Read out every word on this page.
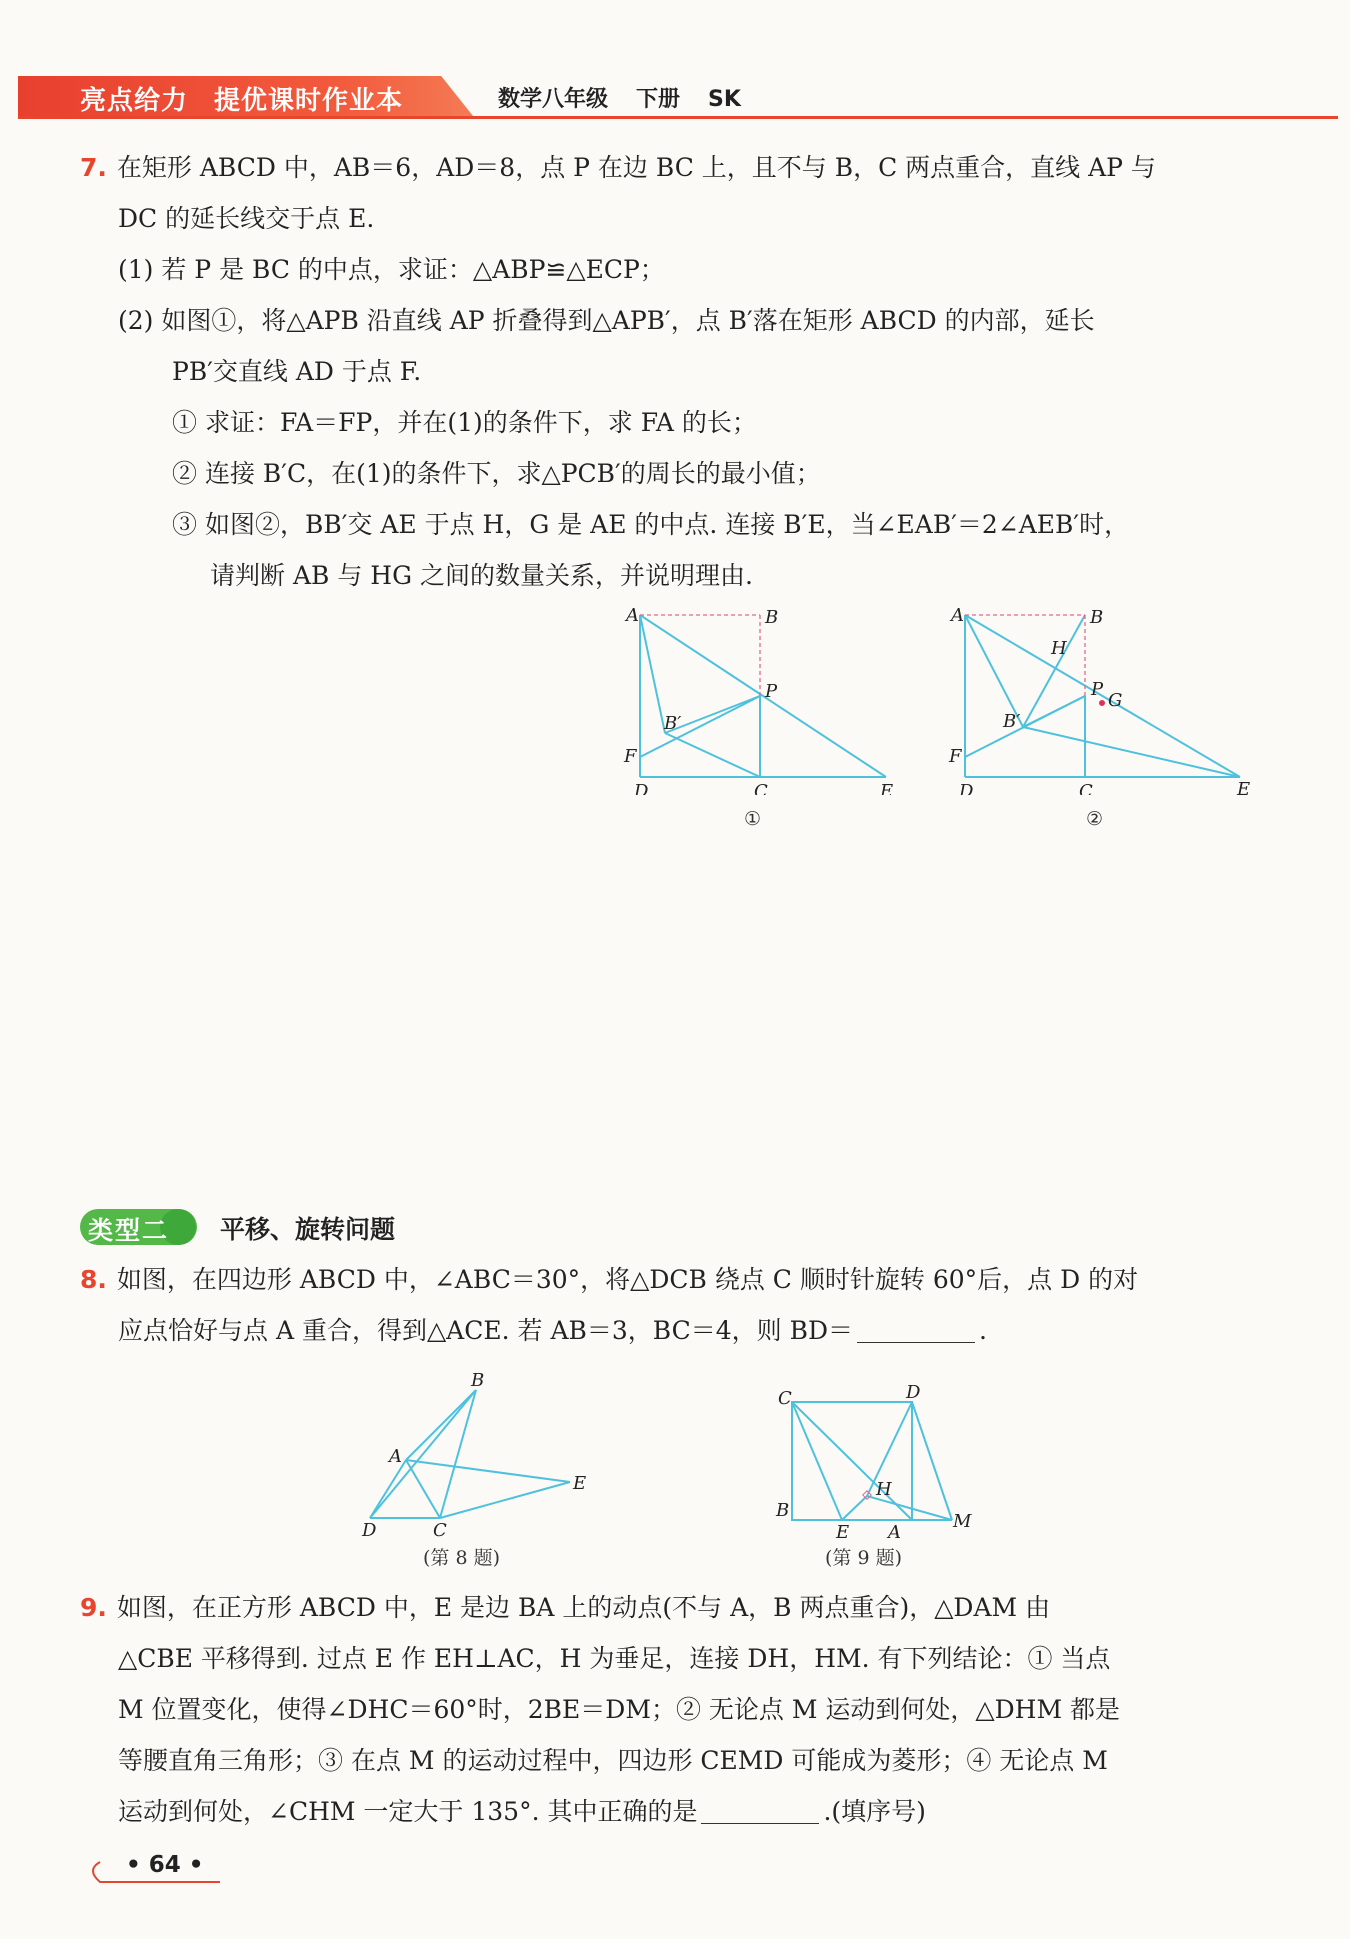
亮点给力 提优课时作业本	数学八年级 下册 SK
7. 在矩形 ABCD 中，AB＝6，AD＝8，点 P 在边 BC 上，且不与 B，C 两点重合，直线 AP 与
DC 的延长线交于点 E.
(1) 若 P 是 BC 的中点，求证：△ABP≌△ECP；
(2) 如图①，将△APB 沿直线 AP 折叠得到△APB′，点 B′落在矩形 ABCD 的内部，延长
PB′交直线 AD 于点 F.
① 求证：FA＝FP，并在(1)的条件下，求 FA 的长；
② 连接 B′C，在(1)的条件下，求△PCB′的周长的最小值；
③ 如图②，BB′交 AE 于点 H，G 是 AE 的中点. 连接 B′E，当∠EAB′＝2∠AEB′时，
请判断 AB 与 HG 之间的数量关系，并说明理由.
A	B
P
B′
F
D	C	E
①
A	B
H
P
G
B′
F
D	C	E
②
类型二 平移、旋转问题
8. 如图，在四边形 ABCD 中，∠ABC＝30°，将△DCB 绕点 C 顺时针旋转 60°后，点 D 的对
应点恰好与点 A 重合，得到△ACE. 若 AB＝3，BC＝4，则 BD＝	.
B
A
E
D	C
(第 8 题)
C	D
H
B
E A
M
(第 9 题)
9. 如图，在正方形 ABCD 中，E 是边 BA 上的动点(不与 A，B 两点重合)，△DAM 由
△CBE 平移得到. 过点 E 作 EH⊥AC，H 为垂足，连接 DH，HM. 有下列结论：① 当点
M 位置变化，使得∠DHC＝60°时，2BE＝DM；② 无论点 M 运动到何处，△DHM 都是
等腰直角三角形；③ 在点 M 的运动过程中，四边形 CEMD 可能成为菱形；④ 无论点 M
运动到何处，∠CHM 一定大于 135°. 其中正确的是	.(填序号)
• 64 •
